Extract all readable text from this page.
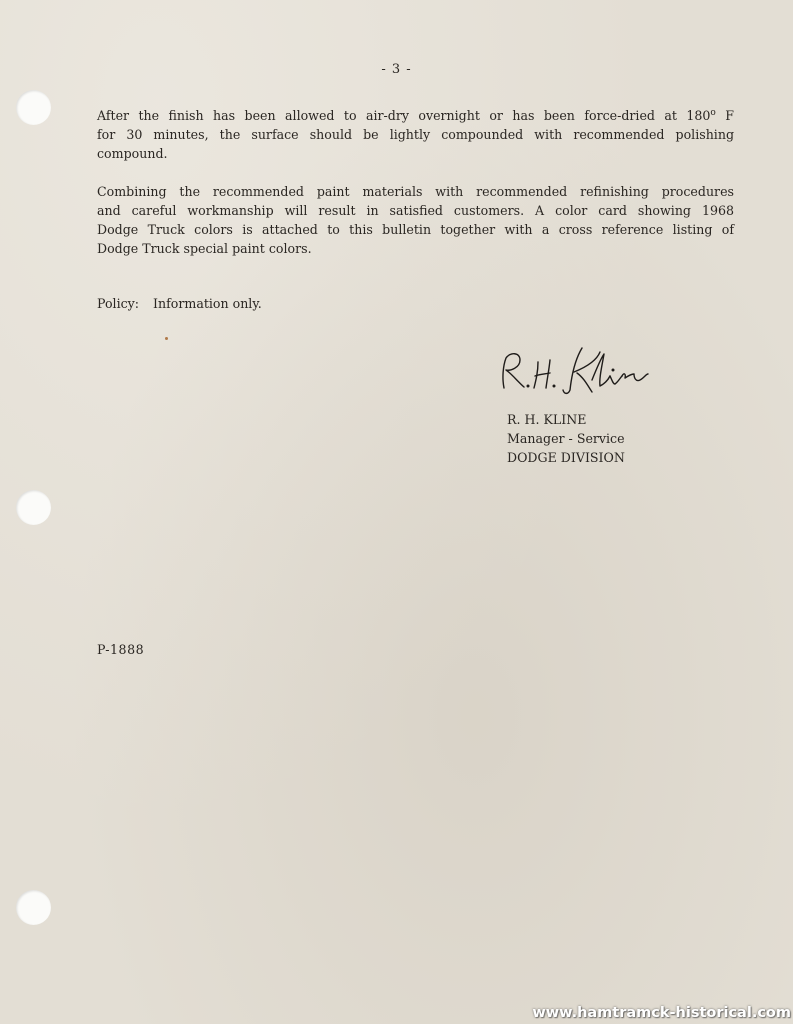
- 3 -

After the finish has been allowed to air-dry overnight or has been force-dried at 180$^o$ F
for 30 minutes, the surface should be lightly compounded with recommended polishing
compound.

Combining the recommended paint materials with recommended refinishing procedures
and careful workmanship will result in satisfied customers. A color card showing 1968
Dodge Truck colors is attached to this bulletin together with a cross reference listing of
Dodge Truck special paint colors.

Policy: Information only.
R. H. KLINE
Manager - Service
DODGE DIVISION
P-1888
www.hamtramck-historical.com
